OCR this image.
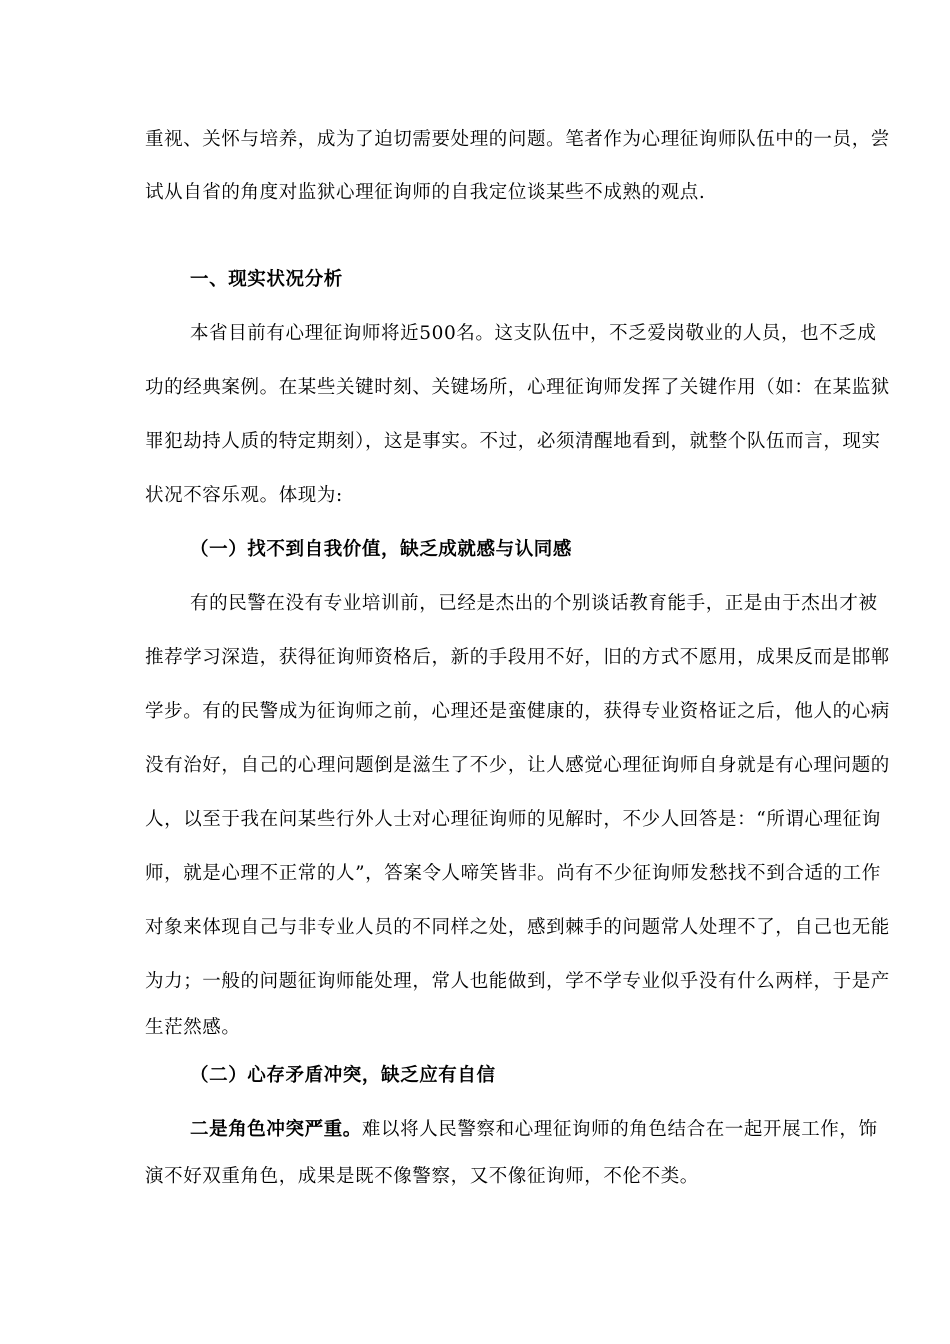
重视、关怀与培养，成为了迫切需要处理的问题。笔者作为心理征询师队伍中的一员，尝
试从自省的角度对监狱心理征询师的自我定位谈某些不成熟的观点.
一、现实状况分析
本省目前有心理征询师将近500名。这支队伍中，不乏爱岗敬业的人员，也不乏成
功的经典案例。在某些关键时刻、关键场所，心理征询师发挥了关键作用（如：在某监狱
罪犯劫持人质的特定期刻），这是事实。不过，必须清醒地看到，就整个队伍而言，现实
状况不容乐观。体现为:
（一）找不到自我价值，缺乏成就感与认同感
有的民警在没有专业培训前，已经是杰出的个别谈话教育能手，正是由于杰出才被
推荐学习深造，获得征询师资格后，新的手段用不好，旧的方式不愿用，成果反而是邯郸
学步。有的民警成为征询师之前，心理还是蛮健康的，获得专业资格证之后，他人的心病
没有治好，自己的心理问题倒是滋生了不少，让人感觉心理征询师自身就是有心理问题的
人，以至于我在问某些行外人士对心理征询师的见解时，不少人回答是：“所谓心理征询
师，就是心理不正常的人”，答案令人啼笑皆非。尚有不少征询师发愁找不到合适的工作
对象来体现自己与非专业人员的不同样之处，感到棘手的问题常人处理不了，自己也无能
为力；一般的问题征询师能处理，常人也能做到，学不学专业似乎没有什么两样，于是产
生茫然感。
（二）心存矛盾冲突，缺乏应有自信
二是角色冲突严重。难以将人民警察和心理征询师的角色结合在一起开展工作，饰
演不好双重角色，成果是既不像警察，又不像征询师，不伦不类。
